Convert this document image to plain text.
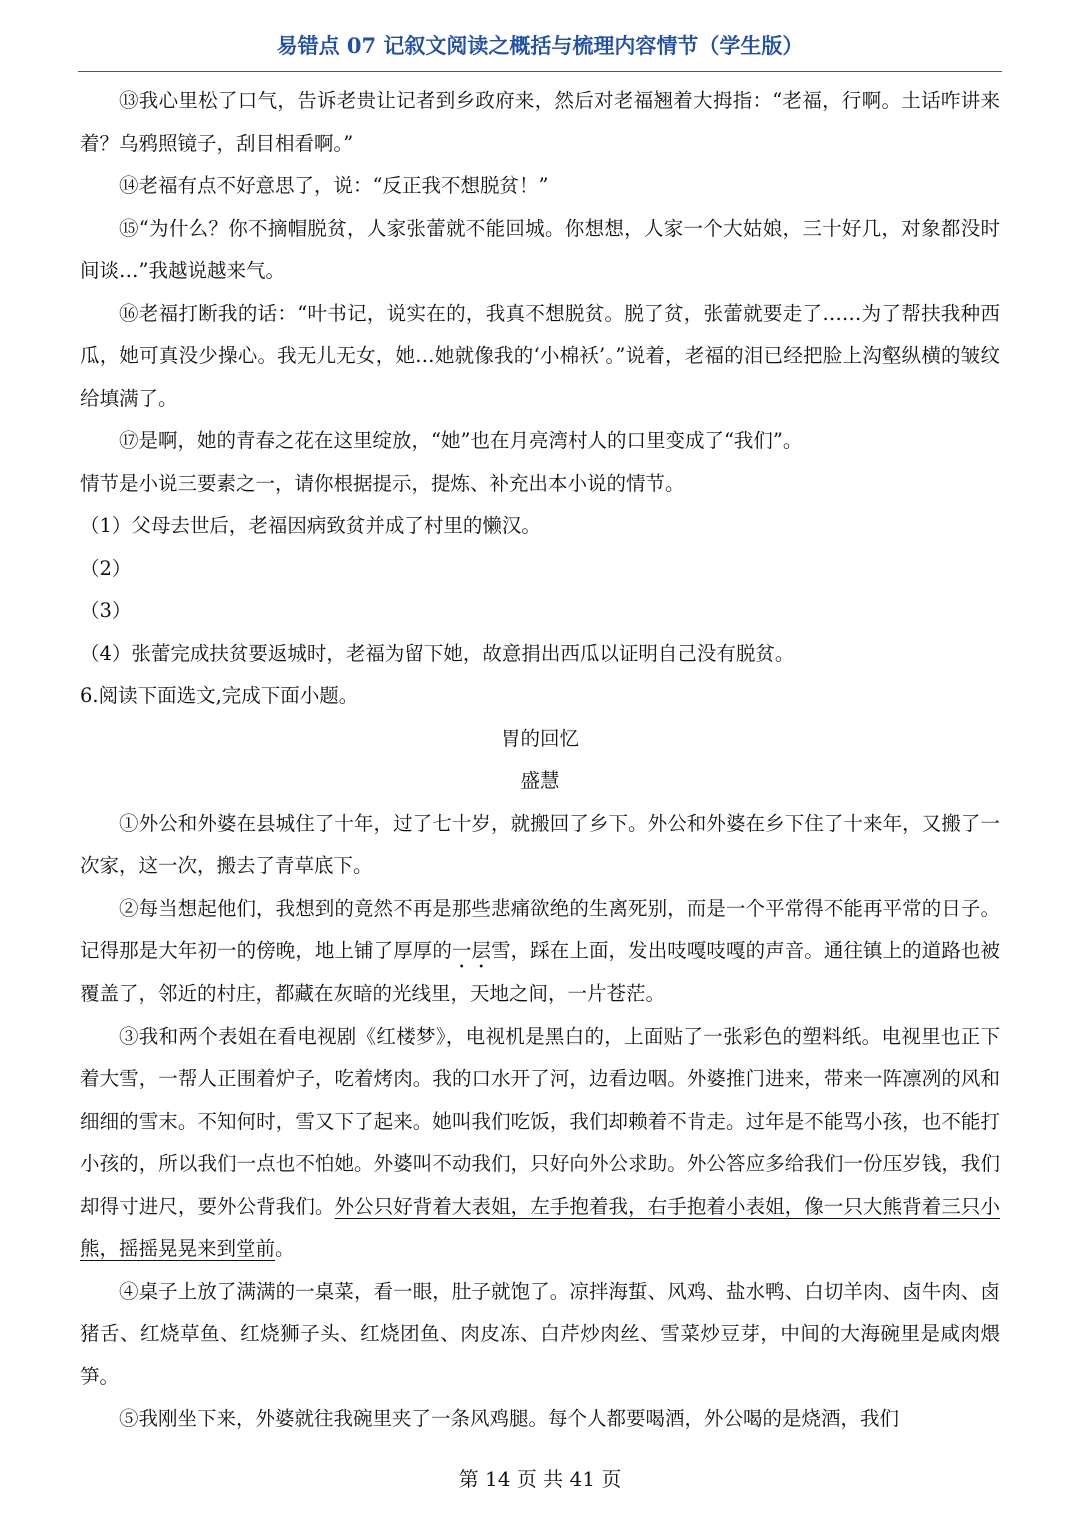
易错点 07 记叙文阅读之概括与梳理内容情节（学生版）

⑬我心里松了口气，告诉老贵让记者到乡政府来，然后对老福翘着大拇指：“老福，行啊。土话咋讲来着？乌鸦照镜子，刮目相看啊。”

⑭老福有点不好意思了，说：“反正我不想脱贫！”

⑮“为什么？你不摘帽脱贫，人家张蕾就不能回城。你想想，人家一个大姑娘，三十好几，对象都没时间谈…”我越说越来气。

⑯老福打断我的话：“叶书记，说实在的，我真不想脱贫。脱了贫，张蕾就要走了……为了帮扶我种西瓜，她可真没少操心。我无儿无女，她…她就像我的‘小棉袄’。”说着，老福的泪已经把脸上沟壑纵横的皱纹给填满了。

⑰是啊，她的青春之花在这里绽放，“她”也在月亮湾村人的口里变成了“我们”。

情节是小说三要素之一，请你根据提示，提炼、补充出本小说的情节。

（1）父母去世后，老福因病致贫并成了村里的懒汉。

（2）

（3）

（4）张蕾完成扶贫要返城时，老福为留下她，故意捐出西瓜以证明自己没有脱贫。

6.阅读下面选文,完成下面小题。

胃的回忆

盛慧

①外公和外婆在县城住了十年，过了七十岁，就搬回了乡下。外公和外婆在乡下住了十来年，又搬了一次家，这一次，搬去了青草底下。

②每当想起他们，我想到的竟然不再是那些悲痛欲绝的生离死别，而是一个平常得不能再平常的日子。记得那是大年初一的傍晚，地上铺了厚厚的一层雪，踩在上面，发出吱嘎吱嘎的声音。通往镇上的道路也被覆盖了，邻近的村庄，都藏在灰暗的光线里，天地之间，一片苍茫。

③我和两个表姐在看电视剧《红楼梦》，电视机是黑白的，上面贴了一张彩色的塑料纸。电视里也正下着大雪，一帮人正围着炉子，吃着烤肉。我的口水开了河，边看边咽。外婆推门进来，带来一阵凛冽的风和细细的雪末。不知何时，雪又下了起来。她叫我们吃饭，我们却赖着不肯走。过年是不能骂小孩，也不能打小孩的，所以我们一点也不怕她。外婆叫不动我们，只好向外公求助。外公答应多给我们一份压岁钱，我们却得寸进尺，要外公背我们。外公只好背着大表姐，左手抱着我，右手抱着小表姐，像一只大熊背着三只小熊，摇摇晃晃来到堂前。

④桌子上放了满满的一桌菜，看一眼，肚子就饱了。凉拌海蜇、风鸡、盐水鸭、白切羊肉、卤牛肉、卤猪舌、红烧草鱼、红烧狮子头、红烧团鱼、肉皮冻、白芹炒肉丝、雪菜炒豆芽，中间的大海碗里是咸肉煨笋。

⑤我刚坐下来，外婆就往我碗里夹了一条风鸡腿。每个人都要喝酒，外公喝的是烧酒，我们

第 14 页 共 41 页
